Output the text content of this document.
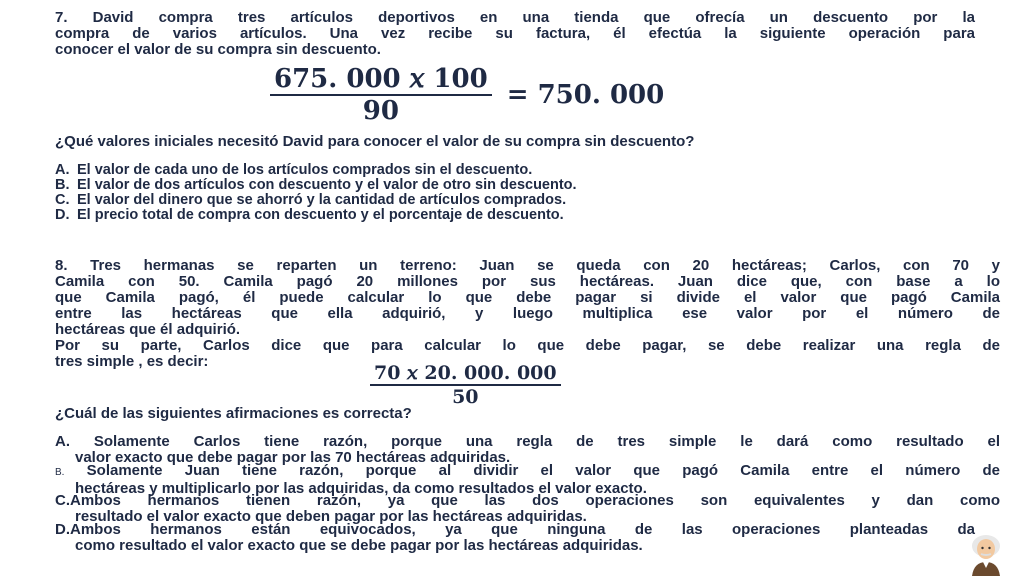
7. David compra tres artículos deportivos en una tienda que ofrecía un descuento por la
compra de varios artículos. Una vez recibe su factura, él efectúa la siguiente operación para
conocer el valor de su compra sin descuento.
$\frac{\text{675. 000 𝑥 100}}{90} = 750$. 000
¿Qué valores iniciales necesitó David para conocer el valor de su compra sin descuento?
A. El valor de cada uno de los artículos comprados sin el descuento.
B. El valor de dos artículos con descuento y el valor de otro sin descuento.
C. El valor del dinero que se ahorró y la cantidad de artículos comprados.
D. El precio total de compra con descuento y el porcentaje de descuento.
8. Tres hermanas se reparten un terreno: Juan se queda con 20 hectáreas; Carlos, con 70 y
Camila con 50. Camila pagó 20 millones por sus hectáreas. Juan dice que, con base a lo
que Camila pagó, él puede calcular lo que debe pagar si divide el valor que pagó Camila
entre las hectáreas que ella adquirió, y luego multiplica ese valor por el número de
hectáreas que él adquirió.
Por su parte, Carlos dice que para calcular lo que debe pagar, se debe realizar una regla de
tres simple , es decir:
$\frac{\text{70 𝑥 20. 000. 000}}{50}$
¿Cuál de las siguientes afirmaciones es correcta?
A. Solamente Carlos tiene razón, porque una regla de tres simple le dará como resultado el
valor exacto que debe pagar por las 70 hectáreas adquiridas.
B. Solamente Juan tiene razón, porque al dividir el valor que pagó Camila entre el número de
hectáreas y multiplicarlo por las adquiridas, da como resultados el valor exacto.
C.Ambos hermanos tienen razón, ya que las dos operaciones son equivalentes y dan como
resultado el valor exacto que deben pagar por las hectáreas adquiridas.
D.Ambos hermanos están equivocados, ya que ninguna de las operaciones planteadas da
como resultado el valor exacto que se debe pagar por las hectáreas adquiridas.
